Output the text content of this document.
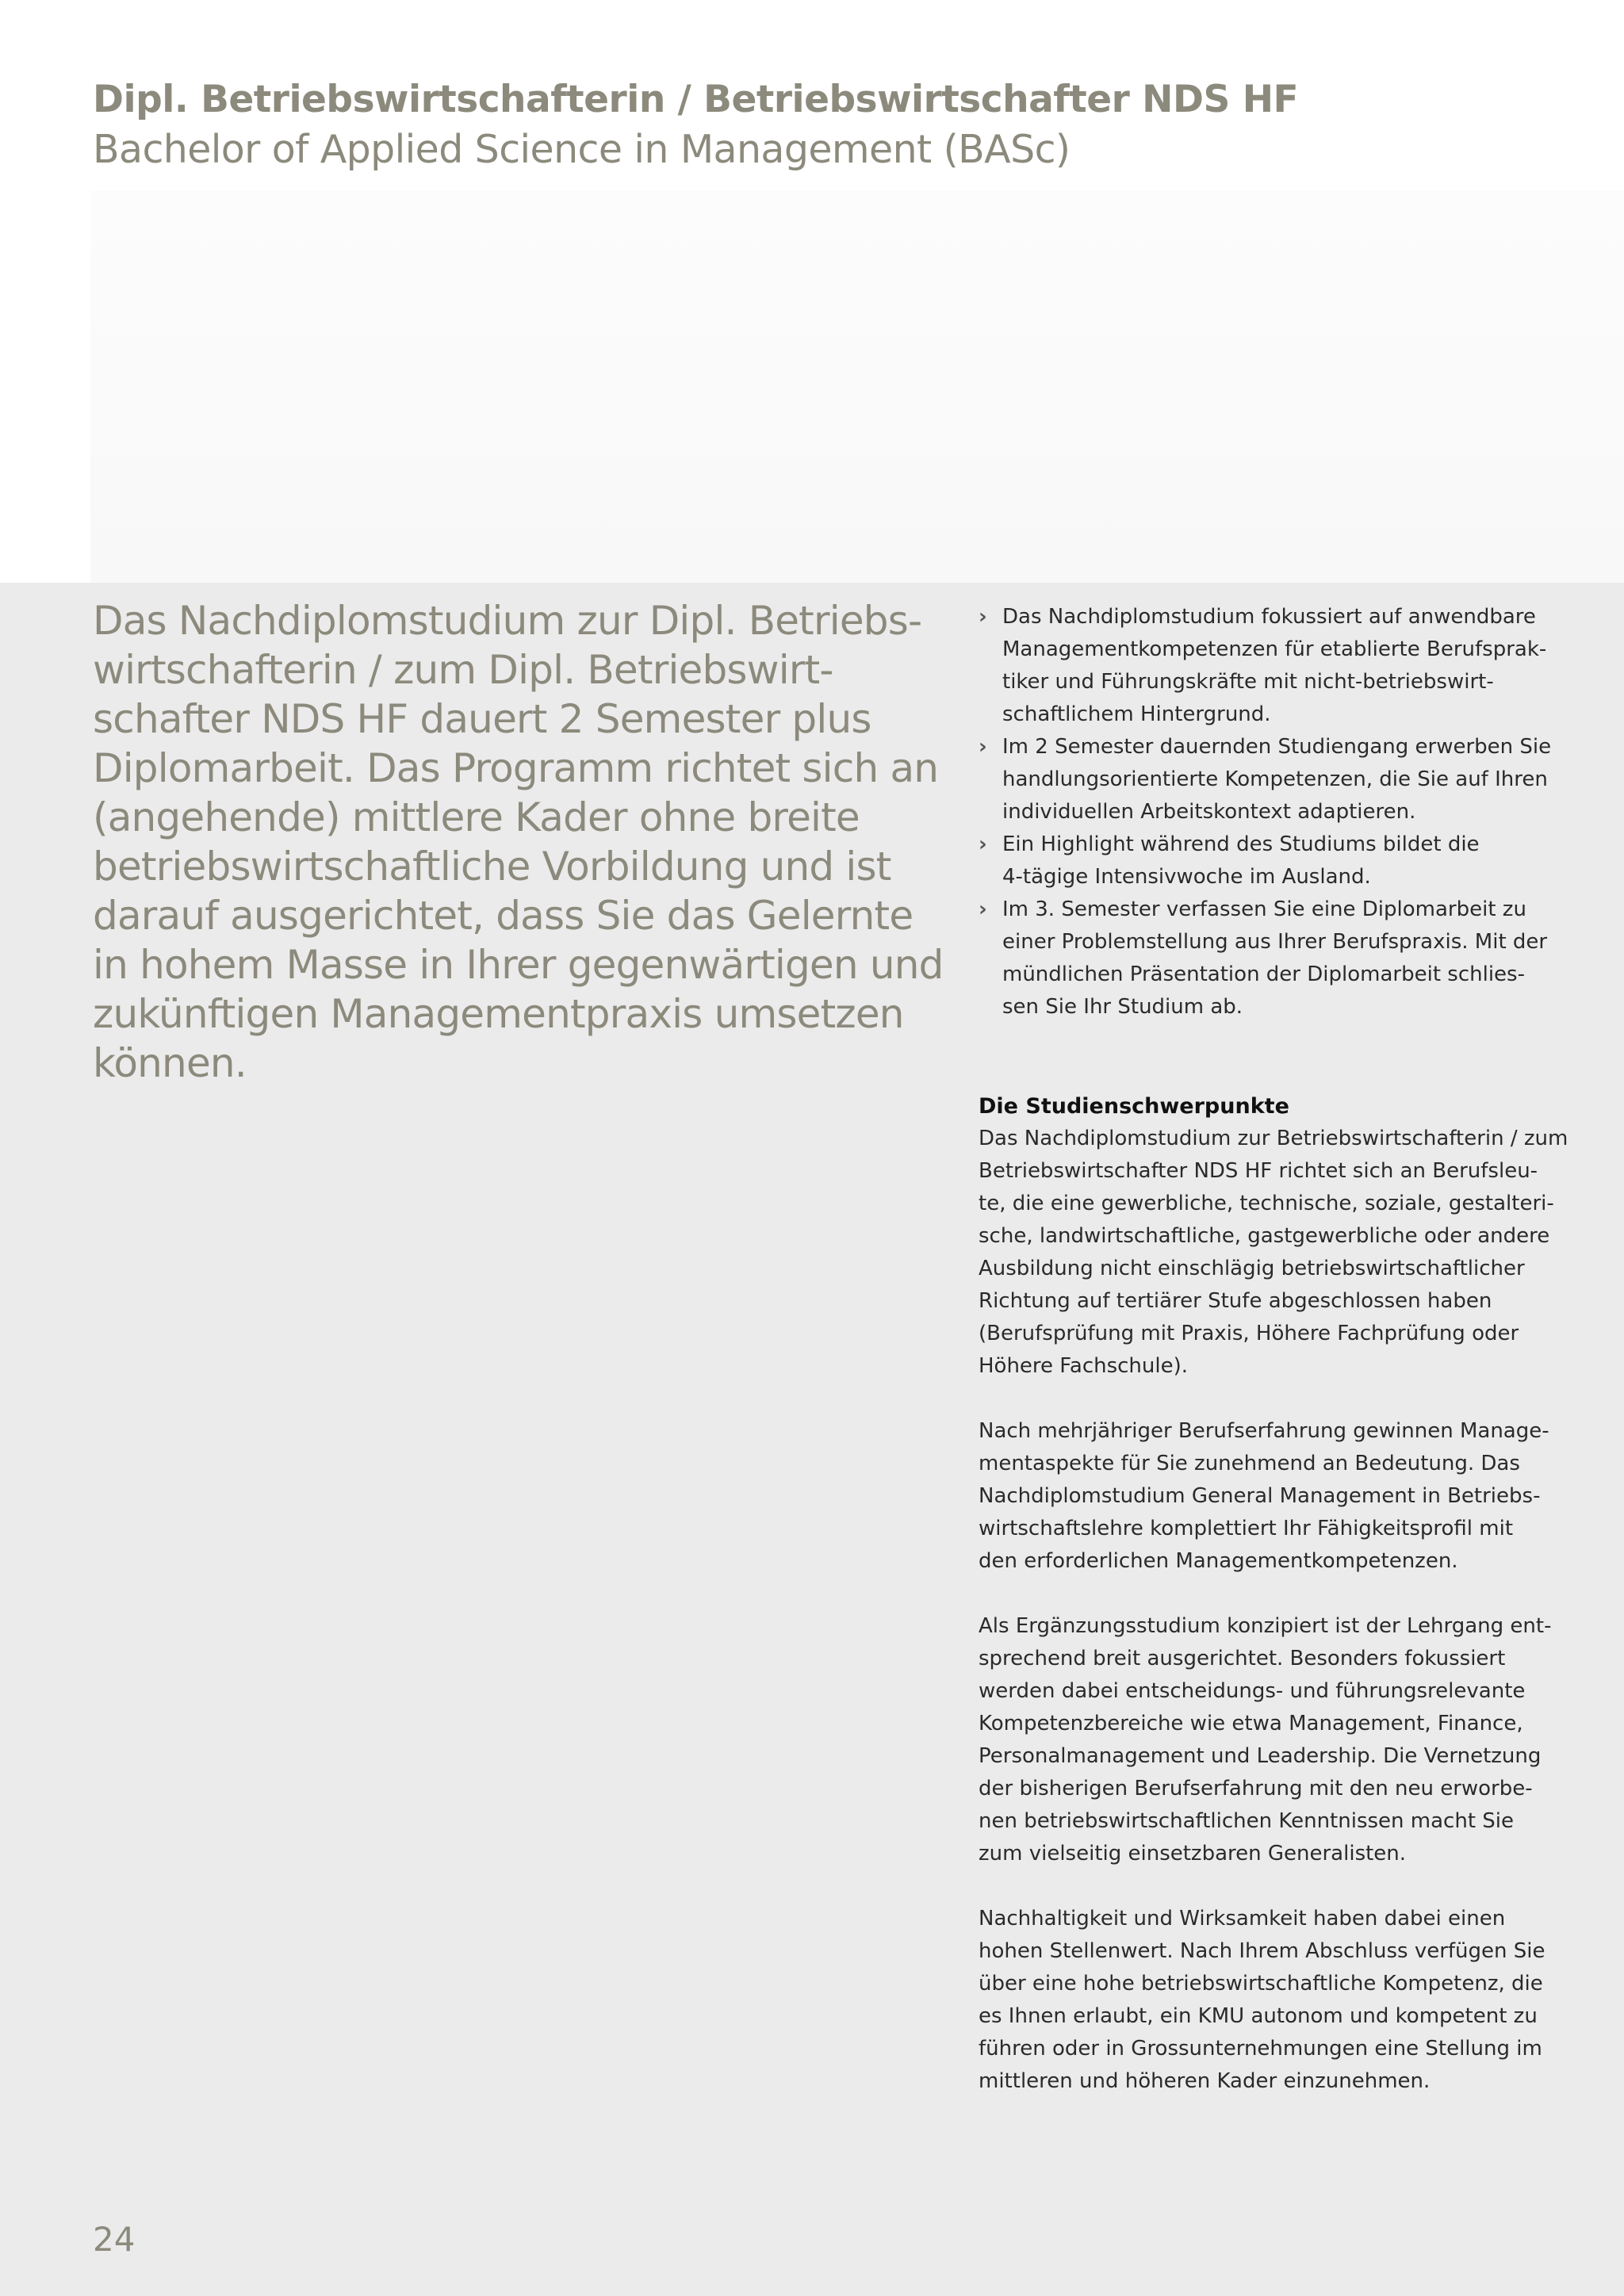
Dipl. Betriebswirtschafterin / Betriebswirtschafter NDS HF
Bachelor of Applied Science in Management (BASc)

Das Nachdiplomstudium zur Dipl. Betriebs-
wirtschafterin / zum Dipl. Betriebswirt-
schafter NDS HF dauert 2 Semester plus
Diplomarbeit. Das Programm richtet sich an
(angehende) mittlere Kader ohne breite
betriebswirtschaftliche Vorbildung und ist
darauf ausgerichtet, dass Sie das Gelernte
in hohem Masse in Ihrer gegenwärtigen und
zukünftigen Managementpraxis umsetzen
können.

› Das Nachdiplomstudium fokussiert auf anwendbare
Managementkompetenzen für etablierte Berufsprak-
tiker und Führungskräfte mit nicht-betriebswirt-
schaftlichem Hintergrund.
› Im 2 Semester dauernden Studiengang erwerben Sie
handlungsorientierte Kompetenzen, die Sie auf Ihren
individuellen Arbeitskontext adaptieren.
› Ein Highlight während des Studiums bildet die
4-tägige Intensivwoche im Ausland.
› Im 3. Semester verfassen Sie eine Diplomarbeit zu
einer Problemstellung aus Ihrer Berufspraxis. Mit der
mündlichen Präsentation der Diplomarbeit schlies-
sen Sie Ihr Studium ab.
Die Studienschwerpunkte
Das Nachdiplomstudium zur Betriebswirtschafterin / zum
Betriebswirtschafter NDS HF richtet sich an Berufsleu-
te, die eine gewerbliche, technische, soziale, gestalteri-
sche, landwirtschaftliche, gastgewerbliche oder andere
Ausbildung nicht einschlägig betriebswirtschaftlicher
Richtung auf tertiärer Stufe abgeschlossen haben
(Berufsprüfung mit Praxis, Höhere Fachprüfung oder
Höhere Fachschule).
Nach mehrjähriger Berufserfahrung gewinnen Manage-
mentaspekte für Sie zunehmend an Bedeutung. Das
Nachdiplomstudium General Management in Betriebs-
wirtschaftslehre komplettiert Ihr Fähigkeitsprofil mit
den erforderlichen Managementkompetenzen.
Als Ergänzungsstudium konzipiert ist der Lehrgang ent-
sprechend breit ausgerichtet. Besonders fokussiert
werden dabei entscheidungs- und führungsrelevante
Kompetenzbereiche wie etwa Management, Finance,
Personalmanagement und Leadership. Die Vernetzung
der bisherigen Berufserfahrung mit den neu erworbe-
nen betriebswirtschaftlichen Kenntnissen macht Sie
zum vielseitig einsetzbaren Generalisten.
Nachhaltigkeit und Wirksamkeit haben dabei einen
hohen Stellenwert. Nach Ihrem Abschluss verfügen Sie
über eine hohe betriebswirtschaftliche Kompetenz, die
es Ihnen erlaubt, ein KMU autonom und kompetent zu
führen oder in Grossunternehmungen eine Stellung im
mittleren und höheren Kader einzunehmen.
24
